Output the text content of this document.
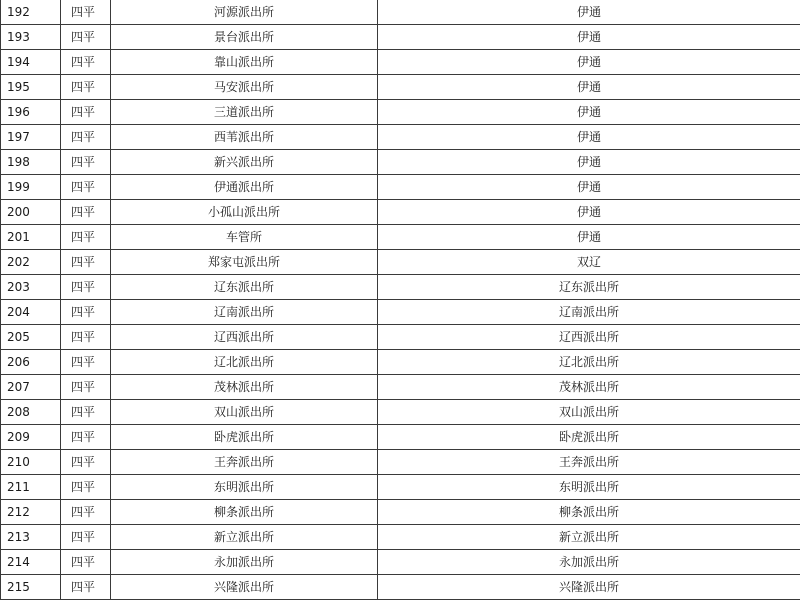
192	四平	河源派出所	伊通
193	四平	景台派出所	伊通
194	四平	靠山派出所	伊通
195	四平	马安派出所	伊通
196	四平	三道派出所	伊通
197	四平	西苇派出所	伊通
198	四平	新兴派出所	伊通
199	四平	伊通派出所	伊通
200	四平	小孤山派出所	伊通
201	四平	车管所	伊通
202	四平	郑家屯派出所	双辽
203	四平	辽东派出所	辽东派出所
204	四平	辽南派出所	辽南派出所
205	四平	辽西派出所	辽西派出所
206	四平	辽北派出所	辽北派出所
207	四平	茂林派出所	茂林派出所
208	四平	双山派出所	双山派出所
209	四平	卧虎派出所	卧虎派出所
210	四平	王奔派出所	王奔派出所
211	四平	东明派出所	东明派出所
212	四平	柳条派出所	柳条派出所
213	四平	新立派出所	新立派出所
214	四平	永加派出所	永加派出所
215	四平	兴隆派出所	兴隆派出所
